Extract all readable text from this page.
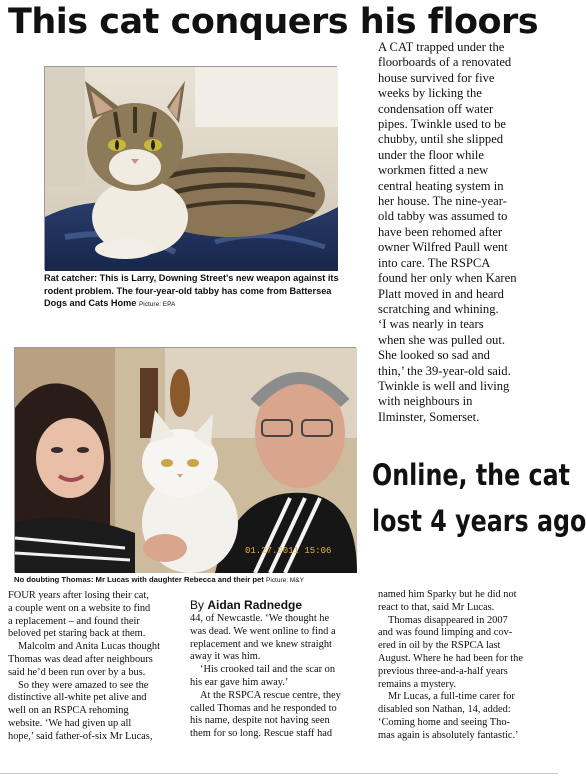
This cat conquers his floors
Rat catcher: This is Larry, Downing Street's new weapon against its rodent problem. The four-year-old tabby has come from Battersea Dogs and Cats Home Picture: EPA

A CAT trapped under the

floorboards of a renovated

house survived for five

weeks by licking the

condensation off water

pipes. Twinkle used to be

chubby, until she slipped

under the floor while

workmen fitted a new

central heating system in

her house. The nine-year-

old tabby was assumed to

have been rehomed after

owner Wilfred Paull went

into care. The RSPCA

found her only when Karen

Platt moved in and heard

scratching and whining.

‘I was nearly in tears

when she was pulled out.

She looked so sad and

thin,’ the 39-year-old said.

Twinkle is well and living

with neighbours in

Ilminster, Somerset.

Online, the cat
lost 4 years ago
01.27.2011 15:06
No doubting Thomas: Mr Lucas with daughter Rebecca and their pet Picture: M&Y
FOUR years after losing their cat,
a couple went on a website to find
a replacement – and found their
beloved pet staring back at them.
Malcolm and Anita Lucas thought
Thomas was dead after neighbours
said he’d been run over by a bus.
So they were amazed to see the
distinctive all-white pet alive and
well on an RSPCA rehoming
website. ‘We had given up all
hope,’ said father-of-six Mr Lucas,
By Aidan Radnedge
44, of Newcastle. ‘We thought he
was dead. We went online to find a
replacement and we knew straight
away it was him.
‘His crooked tail and the scar on
his ear gave him away.’
At the RSPCA rescue centre, they
called Thomas and he responded to
his name, despite not having seen
them for so long. Rescue staff had
named him Sparky but he did not
react to that, said Mr Lucas.
Thomas disappeared in 2007
and was found limping and cov-
ered in oil by the RSPCA last
August. Where he had been for the
previous three-and-a-half years
remains a mystery.
Mr Lucas, a full-time carer for
disabled son Nathan, 14, added:
‘Coming home and seeing Tho-
mas again is absolutely fantastic.’
